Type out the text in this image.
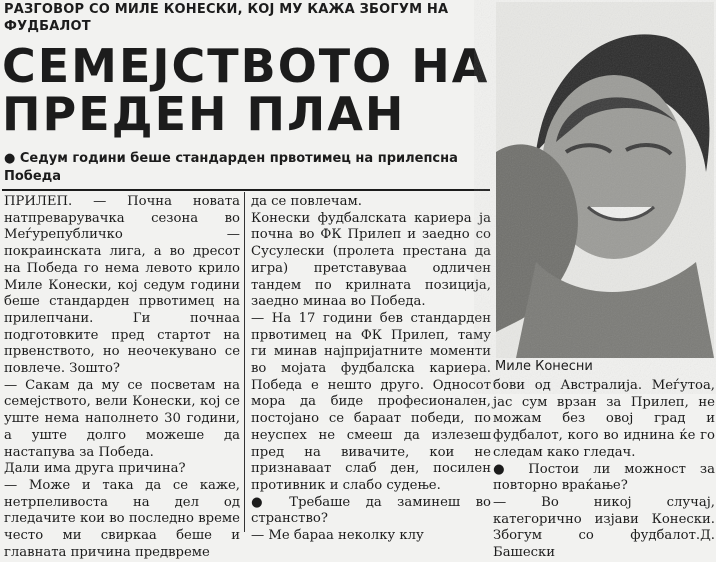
РАЗГОВОР СО МИЛЕ КОНЕСКИ, КОЈ МУ КАЖА ЗБОГУМ НА ФУДБАЛОТ
СЕМЕЈСТВОТО НА ПРЕДЕН ПЛАН
● Седум години беше стандарден првотимец на прилепсна Победа
ПРИЛЕП. — Почна новата натпреварувачка сезона во Меѓурепубличко — покраинската лига, а во дресот на Победа го нема левото крило Миле Конески, кој седум години беше стандарден првотимец на прилепчани. Ги почнаа подготовките пред стартот на првенството, но неочекувано се повлече. Зошто?
— Сакам да му се посветам на семејството, вели Конески, кој се уште нема наполнето 30 години, а уште долго можеше да настапува за Победа.
Дали има друга причина?
— Може и така да се каже, нетрпеливоста на дел од гледачите кои во последно време често ми свиркаа беше и главната причина предвреме
да се повлечам.
Конески фудбалската кариера ја почна во ФК Прилеп и заедно со Сусулески (пролета престана да игра) претставуваа одличен тандем по крилната позиција, заедно минаа во Победа.
— На 17 години бев стандарден првотимец на ФК Прилеп, таму ги минав најпријатните моменти во мојата фудбалска кариера. Победа е нешто друго. Односот мора да биде професионален, постојано се бараат победи, по неуспех не смееш да излезеш пред на вивачите, кои не признаваат слаб ден, посилен противник и слабо судење.
● Требаше да заминеш во странство?
— Ме бараа неколку клу
Миле Конесни
бови од Австралија. Меѓутоа, јас сум врзан за Прилеп, не можам без овој град и фудбалот, кого во иднина ќе го следам како гледач.
● Постои ли можност за повторно враќање?
— Во никој случај, категорично изјави Конески. Збогум со фудбалот.Д. Башески
